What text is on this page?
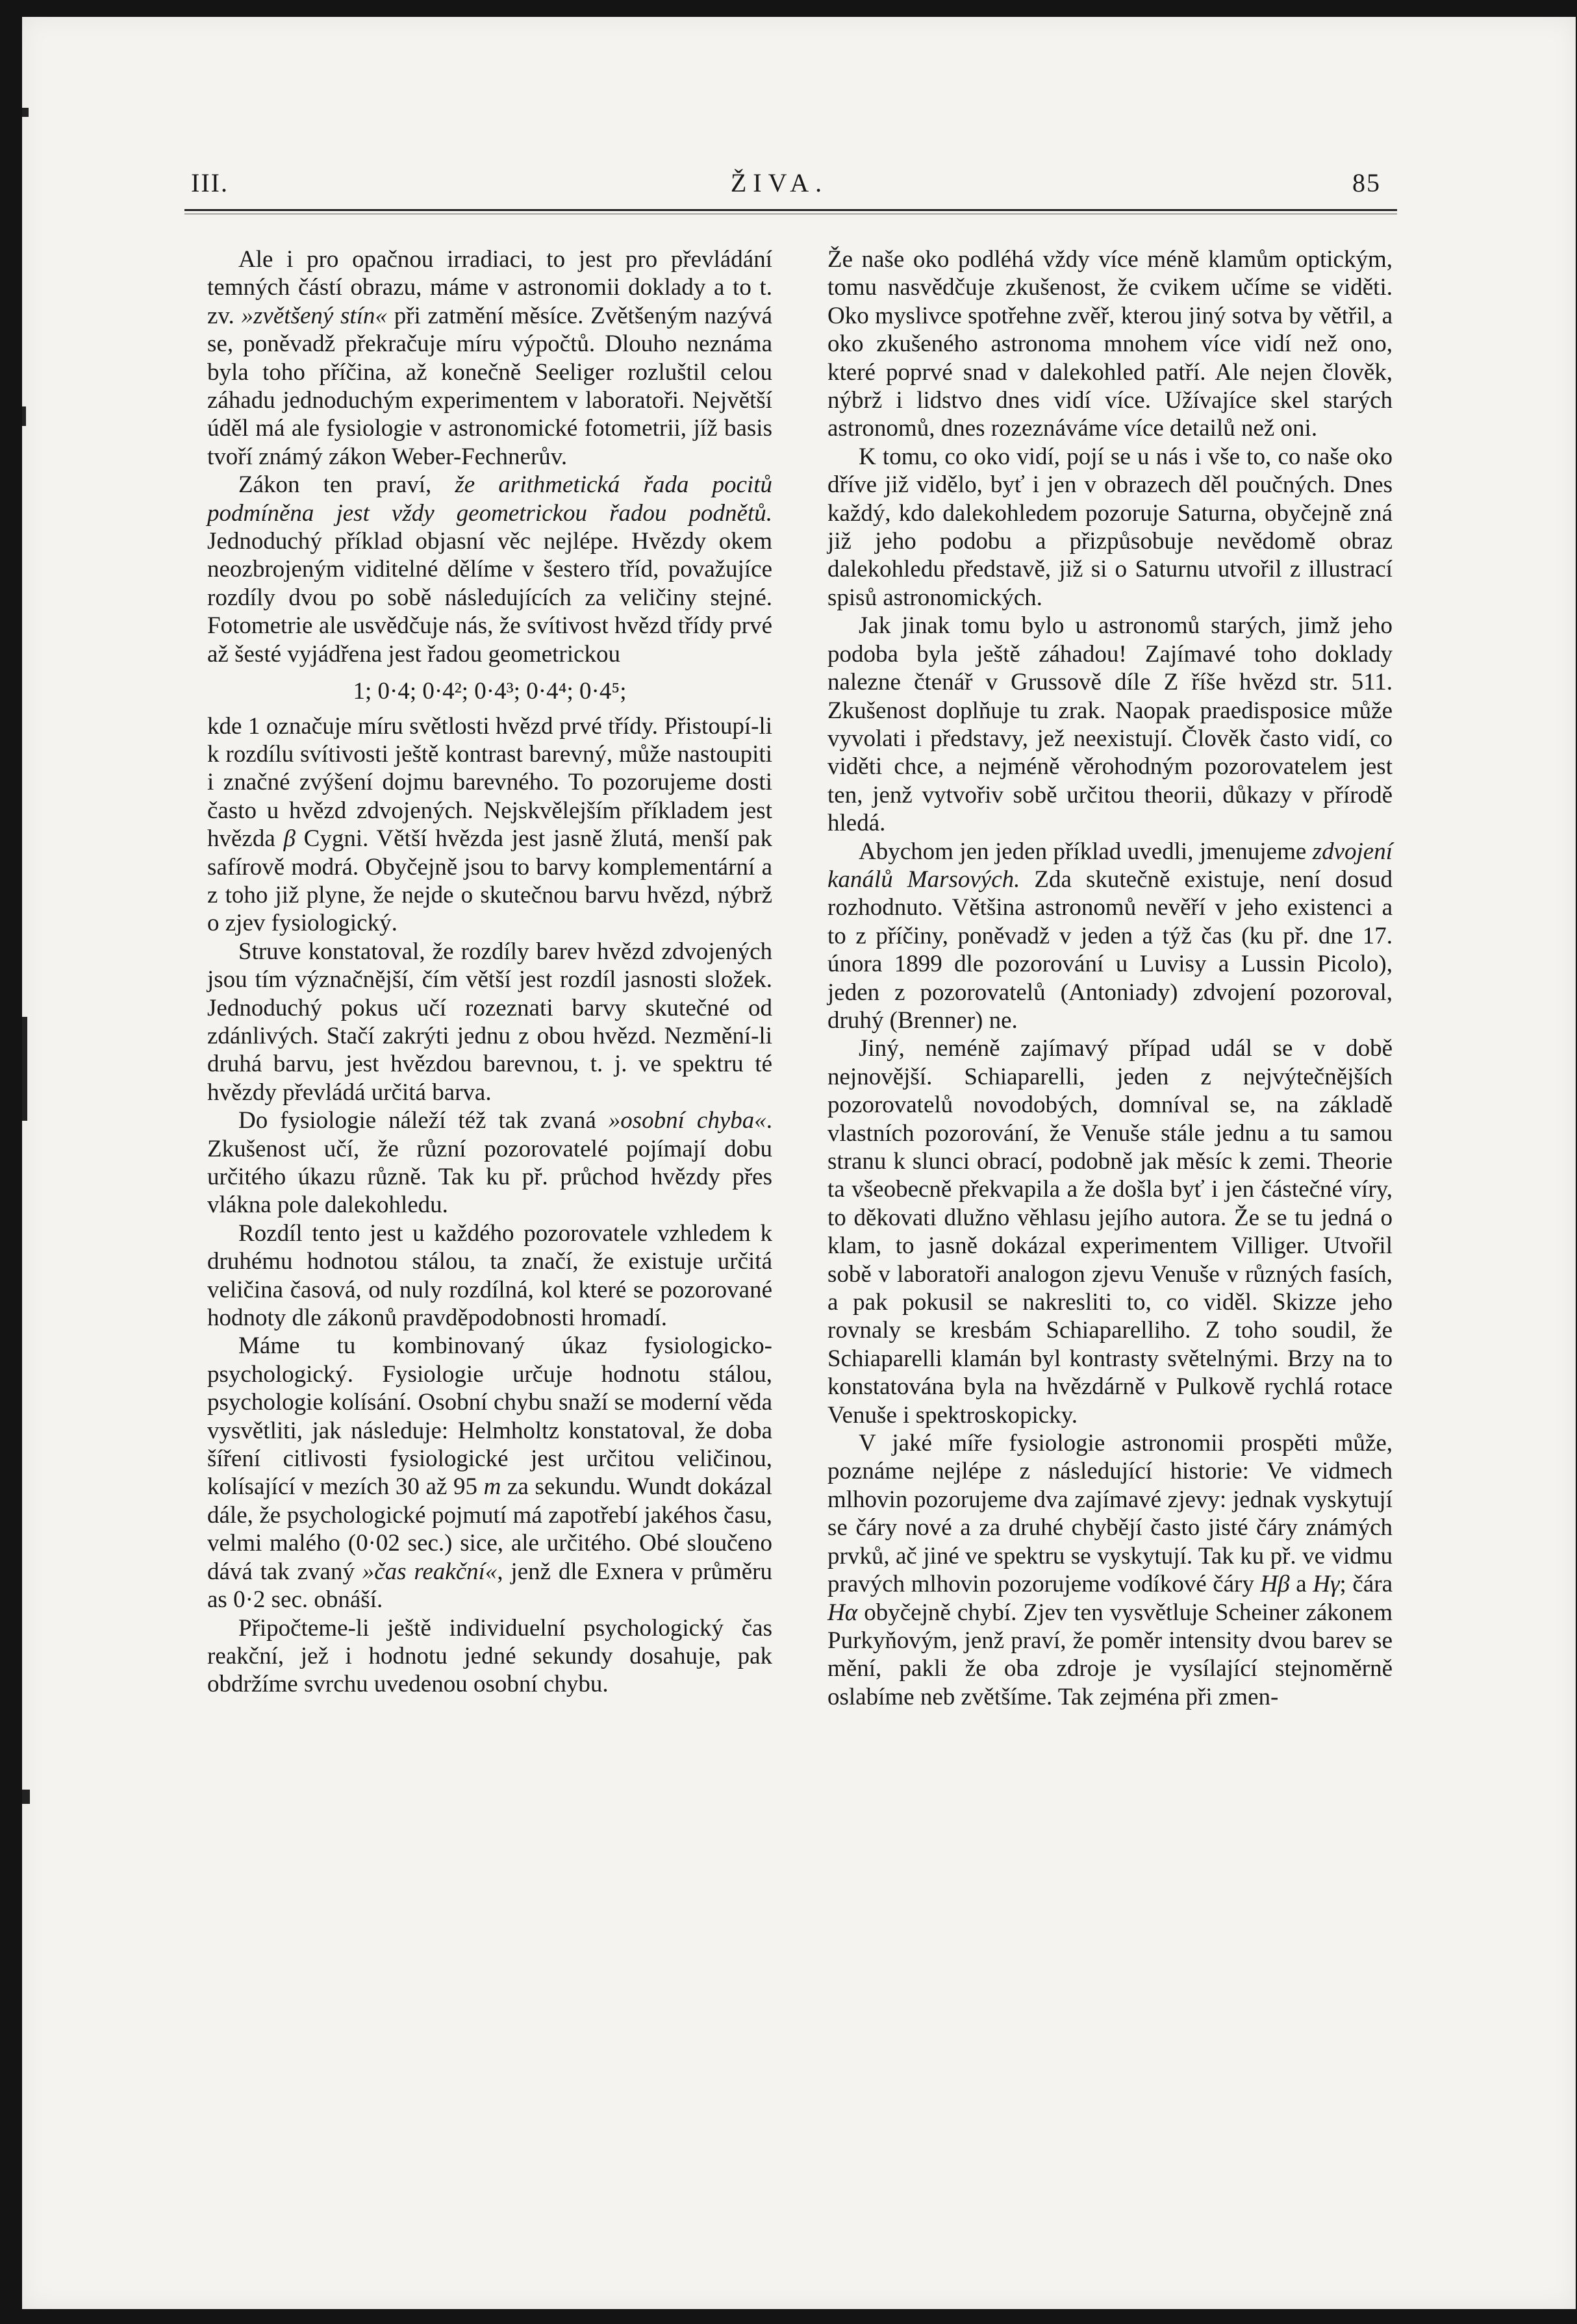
III.	ŽIVA.	85

Ale i pro opačnou irradiaci, to jest pro převládání temných částí obrazu, máme v astronomii doklady a to t. zv. »zvětšený stín« při zatmění měsíce. Zvětšeným nazývá se, poněvadž překračuje míru výpočtů. Dlouho neznáma byla toho příčina, až konečně Seeliger rozluštil celou záhadu jednoduchým experimentem v laboratoři. Největší úděl má ale fysiologie v astronomické fotometrii, jíž basis tvoří známý zákon Weber-Fechnerův.

Zákon ten praví, že arithmetická řada pocitů podmíněna jest vždy geometrickou řadou podnětů. Jednoduchý příklad objasní věc nejlépe. Hvězdy okem neozbrojeným viditelné dělíme v šestero tříd, považujíce rozdíly dvou po sobě následujících za veličiny stejné. Fotometrie ale usvědčuje nás, že svítivost hvězd třídy prvé až šesté vyjádřena jest řadou geometrickou

1; 0·4; 0·4²; 0·4³; 0·4⁴; 0·4⁵;

kde 1 označuje míru světlosti hvězd prvé třídy. Přistoupí-li k rozdílu svítivosti ještě kontrast barevný, může nastoupiti i značné zvýšení dojmu barevného. To pozorujeme dosti často u hvězd zdvojených. Nejskvělejším příkladem jest hvězda β Cygni. Větší hvězda jest jasně žlutá, menší pak safírově modrá. Obyčejně jsou to barvy komplementární a z toho již plyne, že nejde o skutečnou barvu hvězd, nýbrž o zjev fysiologický.

Struve konstatoval, že rozdíly barev hvězd zdvojených jsou tím význačnější, čím větší jest rozdíl jasnosti složek. Jednoduchý pokus učí rozeznati barvy skutečné od zdánlivých. Stačí zakrýti jednu z obou hvězd. Nezmění-li druhá barvu, jest hvězdou barevnou, t. j. ve spektru té hvězdy převládá určitá barva.

Do fysiologie náleží též tak zvaná »osobní chyba«. Zkušenost učí, že různí pozorovatelé pojímají dobu určitého úkazu různě. Tak ku př. průchod hvězdy přes vlákna pole dalekohledu.

Rozdíl tento jest u každého pozorovatele vzhledem k druhému hodnotou stálou, ta značí, že existuje určitá veličina časová, od nuly rozdílná, kol které se pozorované hodnoty dle zákonů pravděpodobnosti hromadí.

Máme tu kombinovaný úkaz fysiologicko-psychologický. Fysiologie určuje hodnotu stálou, psychologie kolísání. Osobní chybu snaží se moderní věda vysvětliti, jak následuje: Helmholtz konstatoval, že doba šíření citlivosti fysiologické jest určitou veličinou, kolísající v mezích 30 až 95 m za sekundu. Wundt dokázal dále, že psychologické pojmutí má zapotřebí jakéhos času, velmi malého (0·02 sec.) sice, ale určitého. Obé sloučeno dává tak zvaný »čas reakční«, jenž dle Exnera v průměru as 0·2 sec. obnáší.

Připočteme-li ještě individuelní psychologický čas reakční, jež i hodnotu jedné sekundy dosahuje, pak obdržíme svrchu uvedenou osobní chybu.

Že naše oko podléhá vždy více méně klamům optickým, tomu nasvědčuje zkušenost, že cvikem učíme se viděti. Oko myslivce spotřehne zvěř, kterou jiný sotva by větřil, a oko zkušeného astronoma mnohem více vidí než ono, které poprvé snad v dalekohled patří. Ale nejen člověk, nýbrž i lidstvo dnes vidí více. Užívajíce skel starých astronomů, dnes rozeznáváme více detailů než oni.

K tomu, co oko vidí, pojí se u nás i vše to, co naše oko dříve již vidělo, byť i jen v obrazech děl poučných. Dnes každý, kdo dalekohledem pozoruje Saturna, obyčejně zná již jeho podobu a přizpůsobuje nevědomě obraz dalekohledu představě, již si o Saturnu utvořil z illustrací spisů astronomických.

Jak jinak tomu bylo u astronomů starých, jimž jeho podoba byla ještě záhadou! Zajímavé toho doklady nalezne čtenář v Grussově díle Z říše hvězd str. 511. Zkušenost doplňuje tu zrak. Naopak praedisposice může vyvolati i představy, jež neexistují. Člověk často vidí, co viděti chce, a nejméně věrohodným pozorovatelem jest ten, jenž vytvořiv sobě určitou theorii, důkazy v přírodě hledá.

Abychom jen jeden příklad uvedli, jmenujeme zdvojení kanálů Marsových. Zda skutečně existuje, není dosud rozhodnuto. Většina astronomů nevěří v jeho existenci a to z příčiny, poněvadž v jeden a týž čas (ku př. dne 17. února 1899 dle pozorování u Luvisy a Lussin Picolo), jeden z pozorovatelů (Antoniady) zdvojení pozoroval, druhý (Brenner) ne.

Jiný, neméně zajímavý případ udál se v době nejnovější. Schiaparelli, jeden z nejvýtečnějších pozorovatelů novodobých, domníval se, na základě vlastních pozorování, že Venuše stále jednu a tu samou stranu k slunci obrací, podobně jak měsíc k zemi. Theorie ta všeobecně překvapila a že došla byť i jen částečné víry, to děkovati dlužno věhlasu jejího autora. Že se tu jedná o klam, to jasně dokázal experimentem Villiger. Utvořil sobě v laboratoři analogon zjevu Venuše v různých fasích, a pak pokusil se nakresliti to, co viděl. Skizze jeho rovnaly se kresbám Schiaparelliho. Z toho soudil, že Schiaparelli klamán byl kontrasty světelnými. Brzy na to konstatována byla na hvězdárně v Pulkově rychlá rotace Venuše i spektroskopicky.

V jaké míře fysiologie astronomii prospěti může, poznáme nejlépe z následující historie: Ve vidmech mlhovin pozorujeme dva zajímavé zjevy: jednak vyskytují se čáry nové a za druhé chybějí často jisté čáry známých prvků, ač jiné ve spektru se vyskytují. Tak ku př. ve vidmu pravých mlhovin pozorujeme vodíkové čáry Hβ a Hγ; čára Hα obyčejně chybí. Zjev ten vysvětluje Scheiner zákonem Purkyňovým, jenž praví, že poměr intensity dvou barev se mění, pakli že oba zdroje je vysílající stejnoměrně oslabíme neb zvětšíme. Tak zejména při zmen-
